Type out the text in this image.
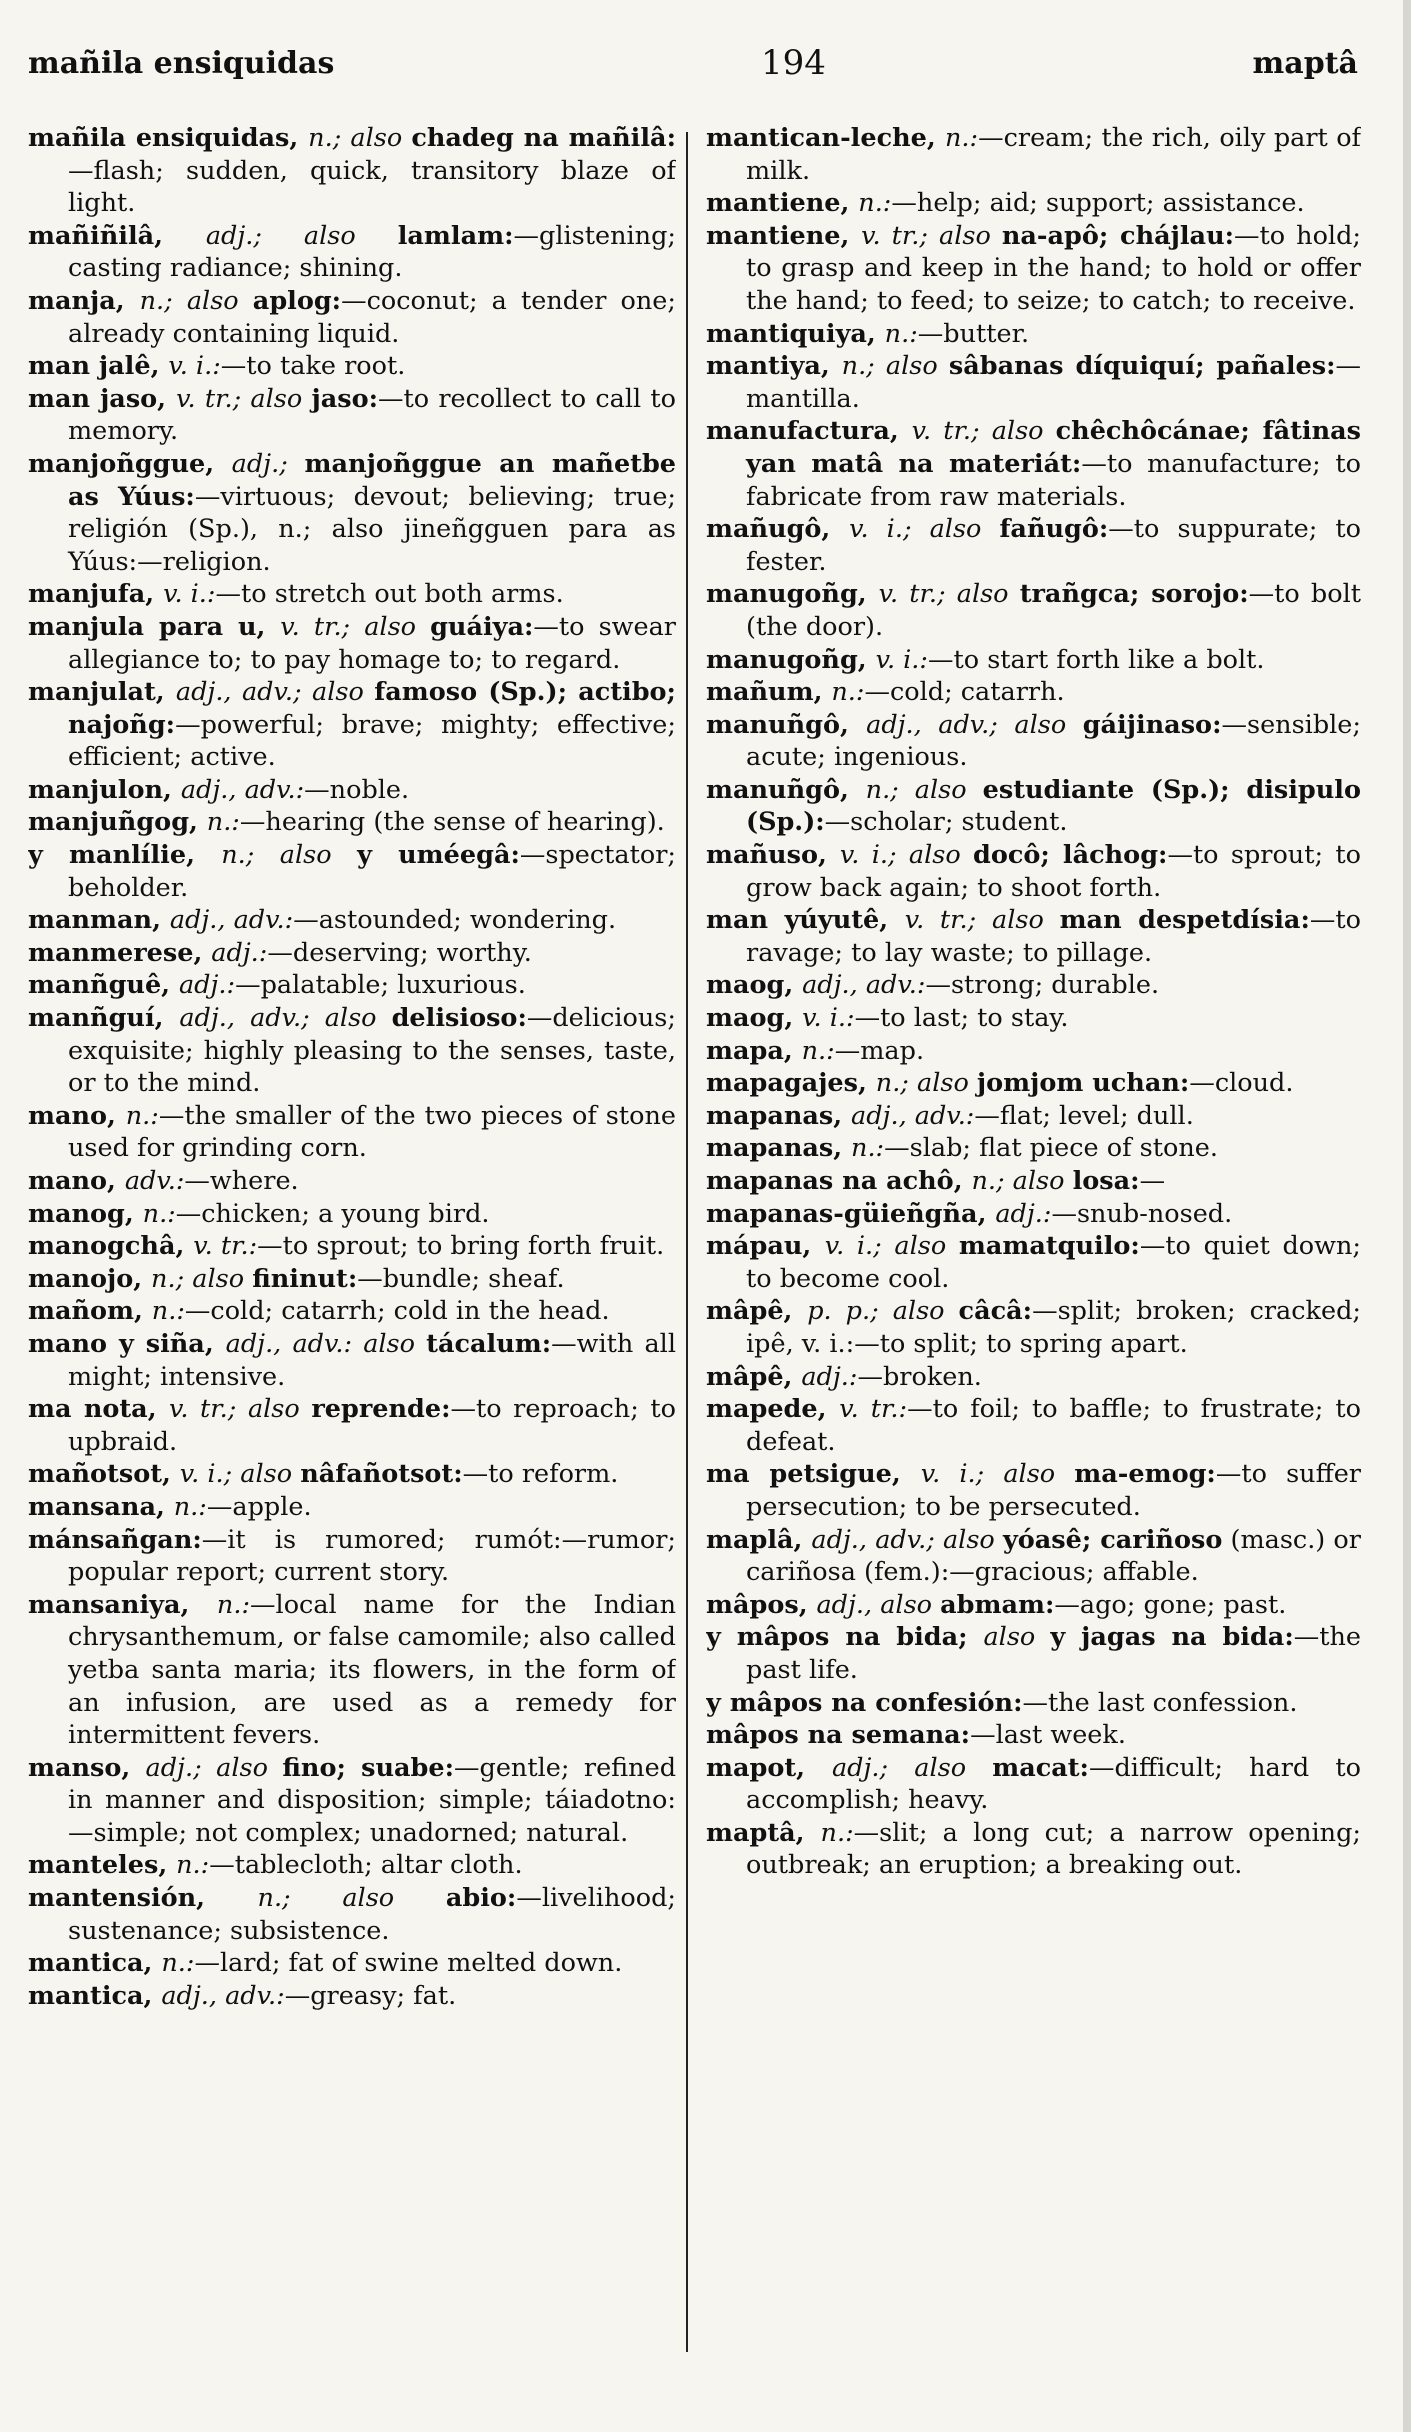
mañila ensiquidas	194	maptâ

mañila ensiquidas, n.; also chadeg na mañilâ:—flash; sudden, quick, transitory blaze of light.

mañiñilâ, adj.; also lamlam:—glistening; casting radiance; shining.

manja, n.; also aplog:—coconut; a tender one; already containing liquid.

man jalê, v. i.:—to take root.

man jaso, v. tr.; also jaso:—to recollect to call to memory.

manjoñggue, adj.; manjoñggue an mañetbe as Yúus:—virtuous; devout; believing; true; religión (Sp.), n.; also jineñgguen para as Yúus:—religion.

manjufa, v. i.:—to stretch out both arms.

manjula para u, v. tr.; also guáiya:—to swear allegiance to; to pay homage to; to regard.

manjulat, adj., adv.; also famoso (Sp.); actibo; najoñg:—powerful; brave; mighty; effective; efficient; active.

manjulon, adj., adv.:—noble.

manjuñgog, n.:—hearing (the sense of hearing).

y manlílie, n.; also y uméegâ:—spectator; beholder.

manman, adj., adv.:—astounded; wondering.

manmerese, adj.:—deserving; worthy.

manñguê, adj.:—palatable; luxurious.

manñguí, adj., adv.; also delisioso:—delicious; exquisite; highly pleasing to the senses, taste, or to the mind.

mano, n.:—the smaller of the two pieces of stone used for grinding corn.

mano, adv.:—where.

manog, n.:—chicken; a young bird.

manogchâ, v. tr.:—to sprout; to bring forth fruit.

manojo, n.; also fininut:—bundle; sheaf.

mañom, n.:—cold; catarrh; cold in the head.

mano y siña, adj., adv.: also tácalum:—with all might; intensive.

ma nota, v. tr.; also reprende:—to reproach; to upbraid.

mañotsot, v. i.; also nâfañotsot:—to reform.

mansana, n.:—apple.

mánsañgan:—it is rumored; rumót:—rumor; popular report; current story.

mansaniya, n.:—local name for the Indian chrysanthemum, or false camomile; also called yetba santa maria; its flowers, in the form of an infusion, are used as a remedy for intermittent fevers.

manso, adj.; also fino; suabe:—gentle; refined in manner and disposition; simple; táiadotno:—simple; not complex; unadorned; natural.

manteles, n.:—tablecloth; altar cloth.

mantensión, n.; also abio:—livelihood; sustenance; subsistence.

mantica, n.:—lard; fat of swine melted down.

mantica, adj., adv.:—greasy; fat.

mantican-leche, n.:—cream; the rich, oily part of milk.

mantiene, n.:—help; aid; support; assistance.

mantiene, v. tr.; also na-apô; chájlau:—to hold; to grasp and keep in the hand; to hold or offer the hand; to feed; to seize; to catch; to receive.

mantiquiya, n.:—butter.

mantiya, n.; also sâbanas díquiquí; pañales:—mantilla.

manufactura, v. tr.; also chêchôcánae; fâtinas yan matâ na materiát:—to manufacture; to fabricate from raw materials.

mañugô, v. i.; also fañugô:—to suppurate; to fester.

manugoñg, v. tr.; also trañgca; sorojo:—to bolt (the door).

manugoñg, v. i.:—to start forth like a bolt.

mañum, n.:—cold; catarrh.

manuñgô, adj., adv.; also gáijinaso:—sensible; acute; ingenious.

manuñgô, n.; also estudiante (Sp.); disipulo (Sp.):—scholar; student.

mañuso, v. i.; also docô; lâchog:—to sprout; to grow back again; to shoot forth.

man yúyutê, v. tr.; also man despetdísia:—to ravage; to lay waste; to pillage.

maog, adj., adv.:—strong; durable.

maog, v. i.:—to last; to stay.

mapa, n.:—map.

mapagajes, n.; also jomjom uchan:—cloud.

mapanas, adj., adv.:—flat; level; dull.

mapanas, n.:—slab; flat piece of stone.

mapanas na achô, n.; also losa:—

mapanas-güieñgña, adj.:—snub-nosed.

mápau, v. i.; also mamatquilo:—to quiet down; to become cool.

mâpê, p. p.; also câcâ:—split; broken; cracked; ipê, v. i.:—to split; to spring apart.

mâpê, adj.:—broken.

mapede, v. tr.:—to foil; to baffle; to frustrate; to defeat.

ma petsigue, v. i.; also ma-emog:—to suffer persecution; to be persecuted.

maplâ, adj., adv.; also yóasê; cariñoso (masc.) or cariñosa (fem.):—gracious; affable.

mâpos, adj., also abmam:—ago; gone; past.

y mâpos na bida; also y jagas na bida:—the past life.

y mâpos na confesión:—the last confession.

mâpos na semana:—last week.

mapot, adj.; also macat:—difficult; hard to accomplish; heavy.

maptâ, n.:—slit; a long cut; a narrow opening; outbreak; an eruption; a breaking out.
